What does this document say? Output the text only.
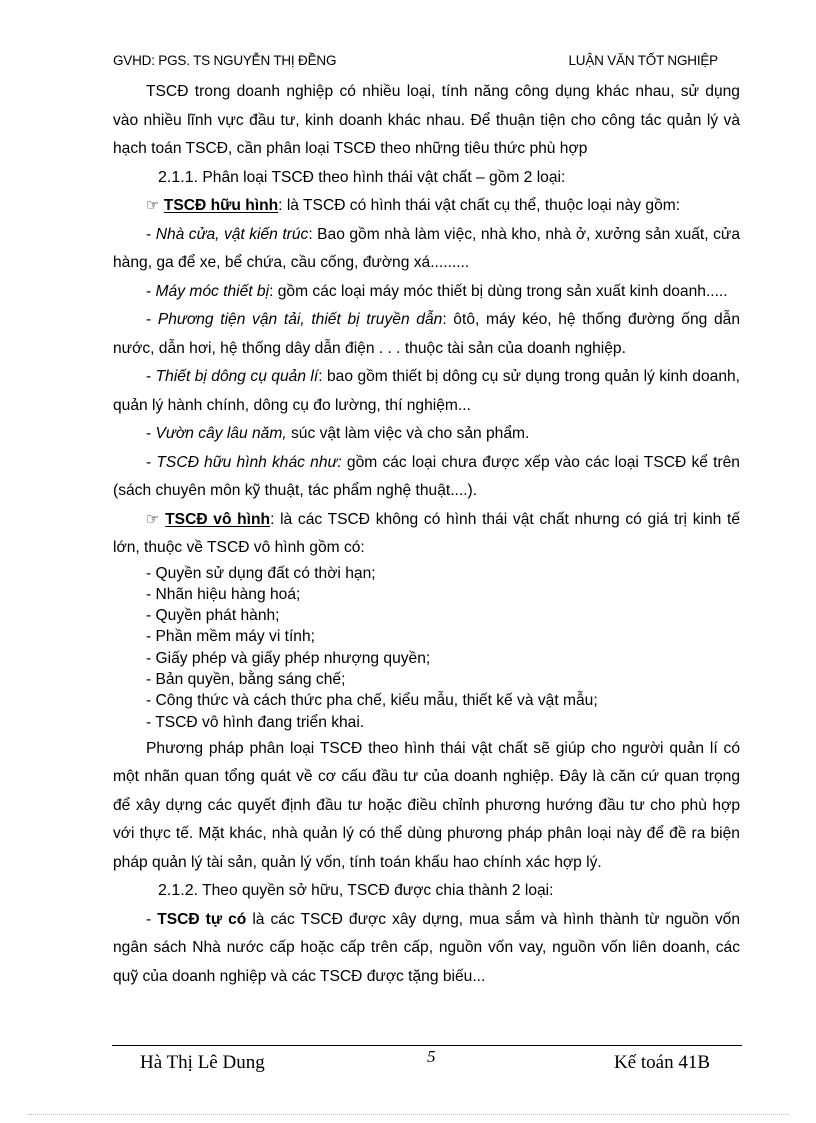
GVHD: PGS. TS NGUYỄN THỊ ĐỀNG	LUẬN VĂN TỐT NGHIỆP

TSCĐ trong doanh nghiệp có nhiều loại, tính năng công dụng khác nhau, sử dụng vào nhiều lĩnh vực đầu tư, kinh doanh khác nhau. Để thuận tiện cho công tác quản lý và hạch toán TSCĐ, cần phân loại TSCĐ theo những tiêu thức phù hợp

2.1.1. Phân loại TSCĐ theo hình thái vật chất – gồm 2 loại:

☞ TSCĐ hữu hình: là TSCĐ có hình thái vật chất cụ thể, thuộc loại này gồm:

- Nhà cửa, vật kiến trúc: Bao gồm nhà làm việc, nhà kho, nhà ở, xưởng sản xuất, cửa hàng, ga để xe, bể chứa, cầu cống, đường xá.........

- Máy móc thiết bị: gồm các loại máy móc thiết bị dùng trong sản xuất kinh doanh.....

- Phương tiện vận tải, thiết bị truyền dẫn: ôtô, máy kéo, hệ thống đường ống dẫn nước, dẫn hơi, hệ thống dây dẫn điện . . . thuộc tài sản của doanh nghiệp.

- Thiết bị dông cụ quản lí: bao gồm thiết bị dông cụ sử dụng trong quản lý kinh doanh, quản lý hành chính, dông cụ đo lường, thí nghiệm...

- Vườn cây lâu năm, súc vật làm việc và cho sản phẩm.

- TSCĐ hữu hình khác như: gồm các loại chưa được xếp vào các loại TSCĐ kể trên (sách chuyên môn kỹ thuật, tác phẩm nghệ thuật....).

☞ TSCĐ vô hình: là các TSCĐ không có hình thái vật chất nhưng có giá trị kinh tế lớn, thuộc về TSCĐ vô hình gồm có:

- Quyền sử dụng đất có thời hạn;
- Nhãn hiệu hàng hoá;
- Quyền phát hành;
- Phần mềm máy vi tính;
- Giấy phép và giấy phép nhượng quyền;
- Bản quyền, bằng sáng chế;
- Công thức và cách thức pha chế, kiểu mẫu, thiết kế và vật mẫu;
- TSCĐ vô hình đang triển khai.

Phương pháp phân loại TSCĐ theo hình thái vật chất sẽ giúp cho người quản lí có một nhãn quan tổng quát về cơ cấu đầu tư của doanh nghiệp. Đây là căn cứ quan trọng để xây dựng các quyết định đầu tư hoặc điều chỉnh phương hướng đầu tư cho phù hợp với thực tế. Mặt khác, nhà quản lý có thể dùng phương pháp phân loại này để đề ra biện pháp quản lý tài sản, quản lý vốn, tính toán khấu hao chính xác hợp lý.

2.1.2. Theo quyền sở hữu, TSCĐ được chia thành 2 loại:

- TSCĐ tự có là các TSCĐ được xây dựng, mua sắm và hình thành từ nguồn vốn ngân sách Nhà nước cấp hoặc cấp trên cấp, nguồn vốn vay, nguồn vốn liên doanh, các quỹ của doanh nghiệp và các TSCĐ được tặng biếu...

Hà Thị Lê Dung	5	Kế toán 41B
